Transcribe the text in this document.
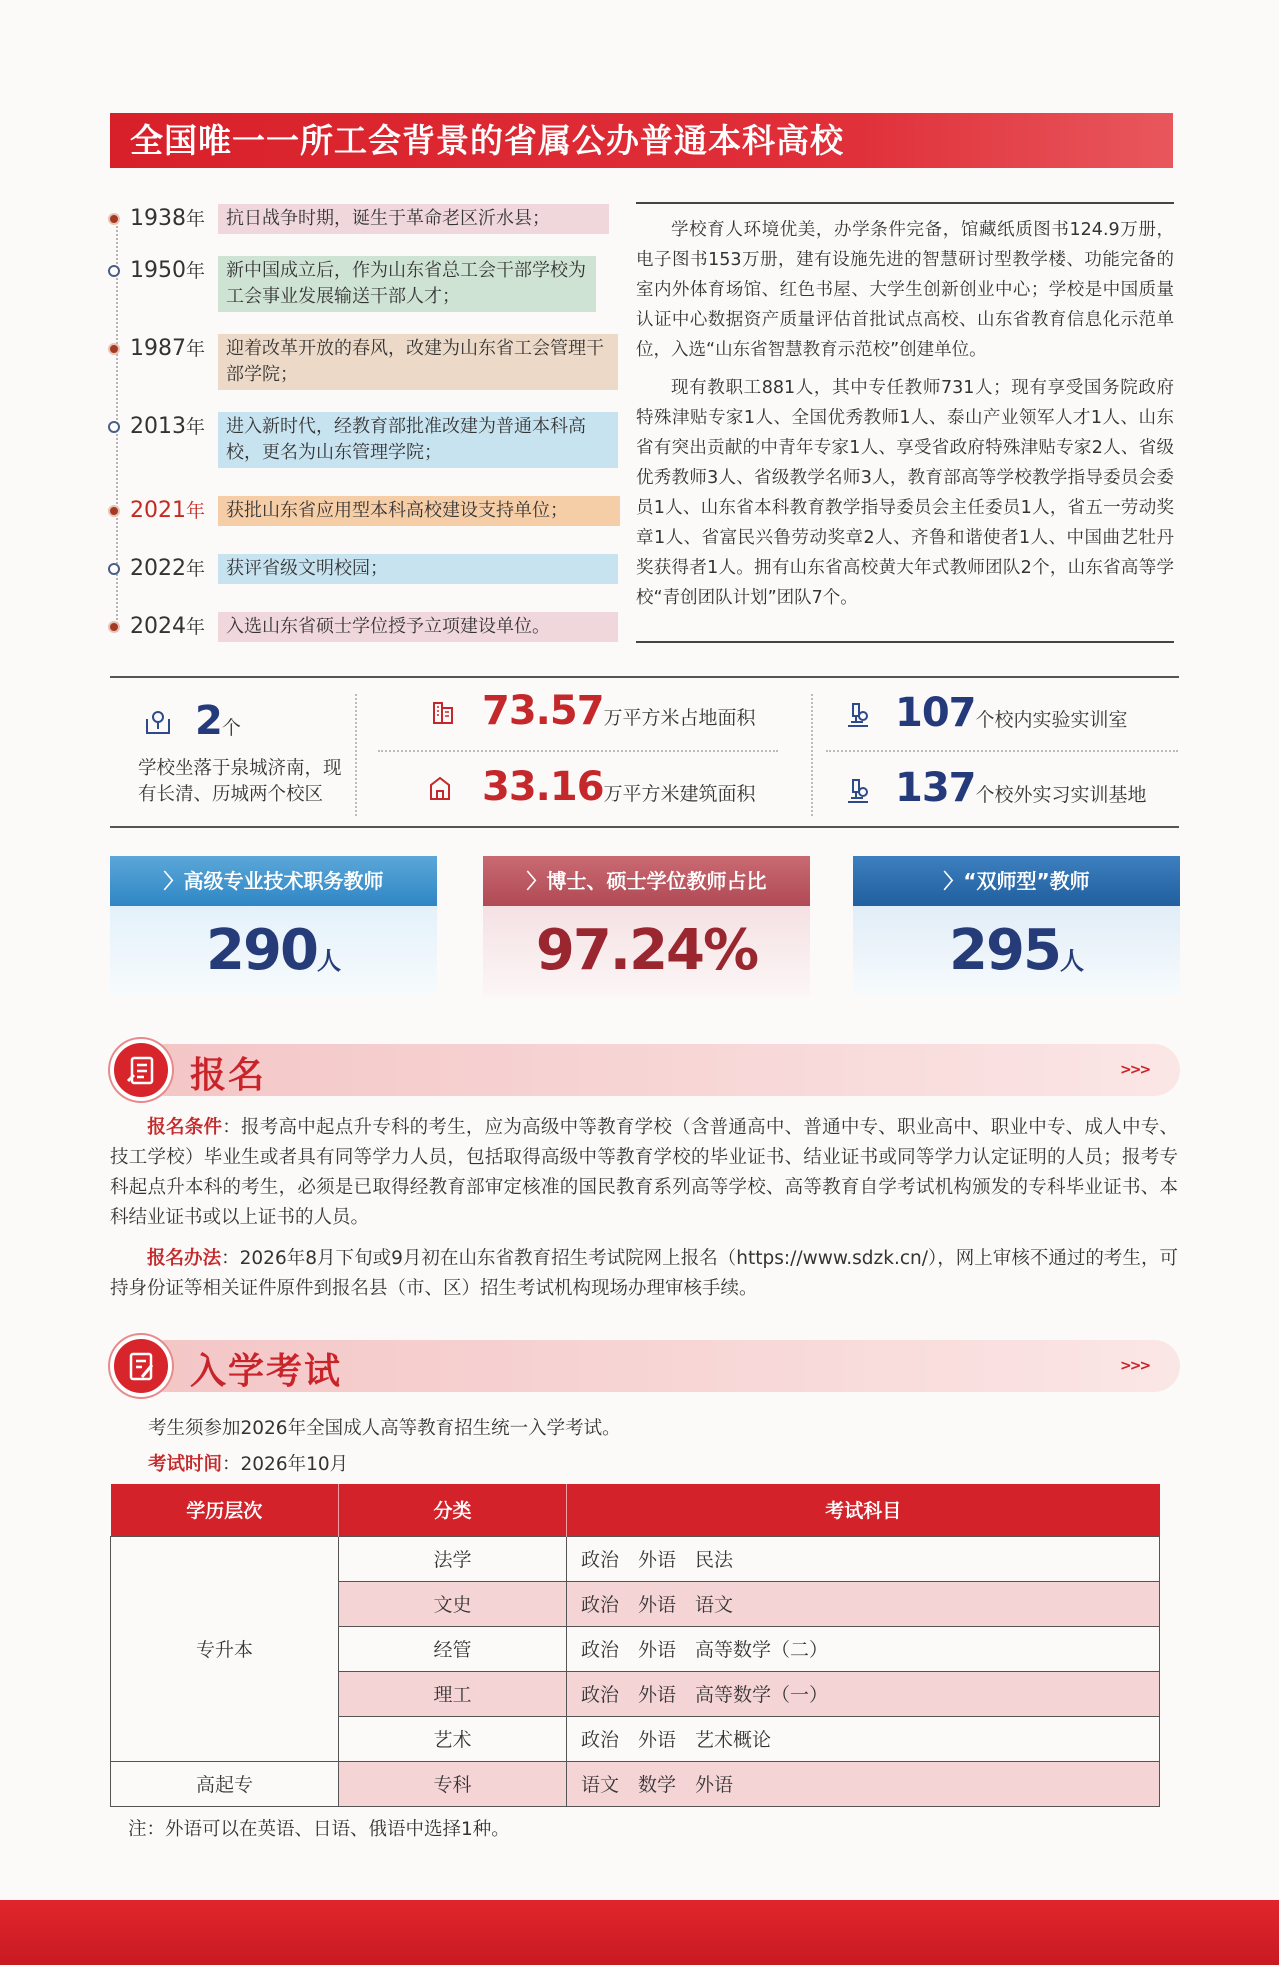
全国唯一一所工会背景的省属公办普通本科高校
1938年	抗日战争时期，诞生于革命老区沂水县；
1950年	新中国成立后，作为山东省总工会干部学校为工会事业发展输送干部人才；
1987年	迎着改革开放的春风，改建为山东省工会管理干部学院；
2013年	进入新时代，经教育部批准改建为普通本科高校，更名为山东管理学院；
2021年	获批山东省应用型本科高校建设支持单位；
2022年	获评省级文明校园；
2024年	入选山东省硕士学位授予立项建设单位。

学校育人环境优美，办学条件完备，馆藏纸质图书124.9万册，电子图书153万册，建有设施先进的智慧研讨型教学楼、功能完备的室内外体育场馆、红色书屋、大学生创新创业中心；学校是中国质量认证中心数据资产质量评估首批试点高校、山东省教育信息化示范单位，入选“山东省智慧教育示范校”创建单位。

现有教职工881人，其中专任教师731人；现有享受国务院政府特殊津贴专家1人、全国优秀教师1人、泰山产业领军人才1人、山东省有突出贡献的中青年专家1人、享受省政府特殊津贴专家2人、省级优秀教师3人、省级教学名师3人，教育部高等学校教学指导委员会委员1人、山东省本科教育教学指导委员会主任委员1人，省五一劳动奖章1人、省富民兴鲁劳动奖章2人、齐鲁和谐使者1人、中国曲艺牡丹奖获得者1人。拥有山东省高校黄大年式教师团队2个，山东省高等学校“青创团队计划”团队7个。

2个
学校坐落于泉城济南，现有长清、历城两个校区
73.57万平方米占地面积
33.16万平方米建筑面积
107个校内实验实训室
137个校外实习实训基地
〉高级专业技术职务教师
290人
〉博士、硕士学位教师占比
97.24%
〉“双师型”教师
295人
报名	>>>
报名条件：报考高中起点升专科的考生，应为高级中等教育学校（含普通高中、普通中专、职业高中、职业中专、成人中专、技工学校）毕业生或者具有同等学力人员，包括取得高级中等教育学校的毕业证书、结业证书或同等学力认定证明的人员；报考专科起点升本科的考生，必须是已取得经教育部审定核准的国民教育系列高等学校、高等教育自学考试机构颁发的专科毕业证书、本科结业证书或以上证书的人员。
报名办法：2026年8月下旬或9月初在山东省教育招生考试院网上报名（https://www.sdzk.cn/），网上审核不通过的考生，可持身份证等相关证件原件到报名县（市、区）招生考试机构现场办理审核手续。
入学考试	>>>
考生须参加2026年全国成人高等教育招生统一入学考试。
考试时间：2026年10月
学历层次	分类	考试科目
专升本	法学	政治　外语　民法
	文史	政治　外语　语文
	经管	政治　外语　高等数学（二）
	理工	政治　外语　高等数学（一）
	艺术	政治　外语　艺术概论
高起专	专科	语文　数学　外语
注：外语可以在英语、日语、俄语中选择1种。
